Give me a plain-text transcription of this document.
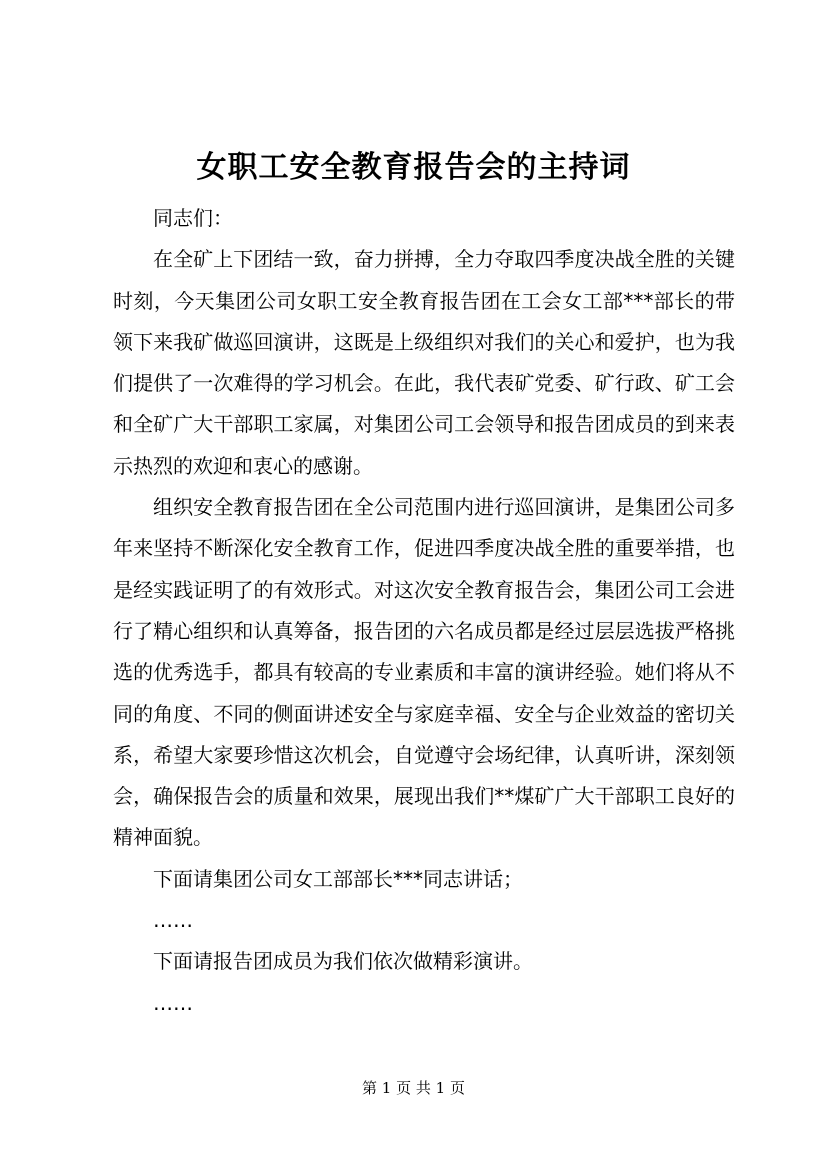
女职工安全教育报告会的主持词

同志们：

在全矿上下团结一致，奋力拼搏，全力夺取四季度决战全胜的关键时刻，今天集团公司女职工安全教育报告团在工会女工部***部长的带领下来我矿做巡回演讲，这既是上级组织对我们的关心和爱护，也为我们提供了一次难得的学习机会。在此，我代表矿党委、矿行政、矿工会和全矿广大干部职工家属，对集团公司工会领导和报告团成员的到来表示热烈的欢迎和衷心的感谢。

组织安全教育报告团在全公司范围内进行巡回演讲，是集团公司多年来坚持不断深化安全教育工作，促进四季度决战全胜的重要举措，也是经实践证明了的有效形式。对这次安全教育报告会，集团公司工会进行了精心组织和认真筹备，报告团的六名成员都是经过层层选拔严格挑选的优秀选手，都具有较高的专业素质和丰富的演讲经验。她们将从不同的角度、不同的侧面讲述安全与家庭幸福、安全与企业效益的密切关系，希望大家要珍惜这次机会，自觉遵守会场纪律，认真听讲，深刻领会，确保报告会的质量和效果，展现出我们**煤矿广大干部职工良好的精神面貌。

下面请集团公司女工部部长***同志讲话；

……

下面请报告团成员为我们依次做精彩演讲。

……

第 1 页 共 1 页
